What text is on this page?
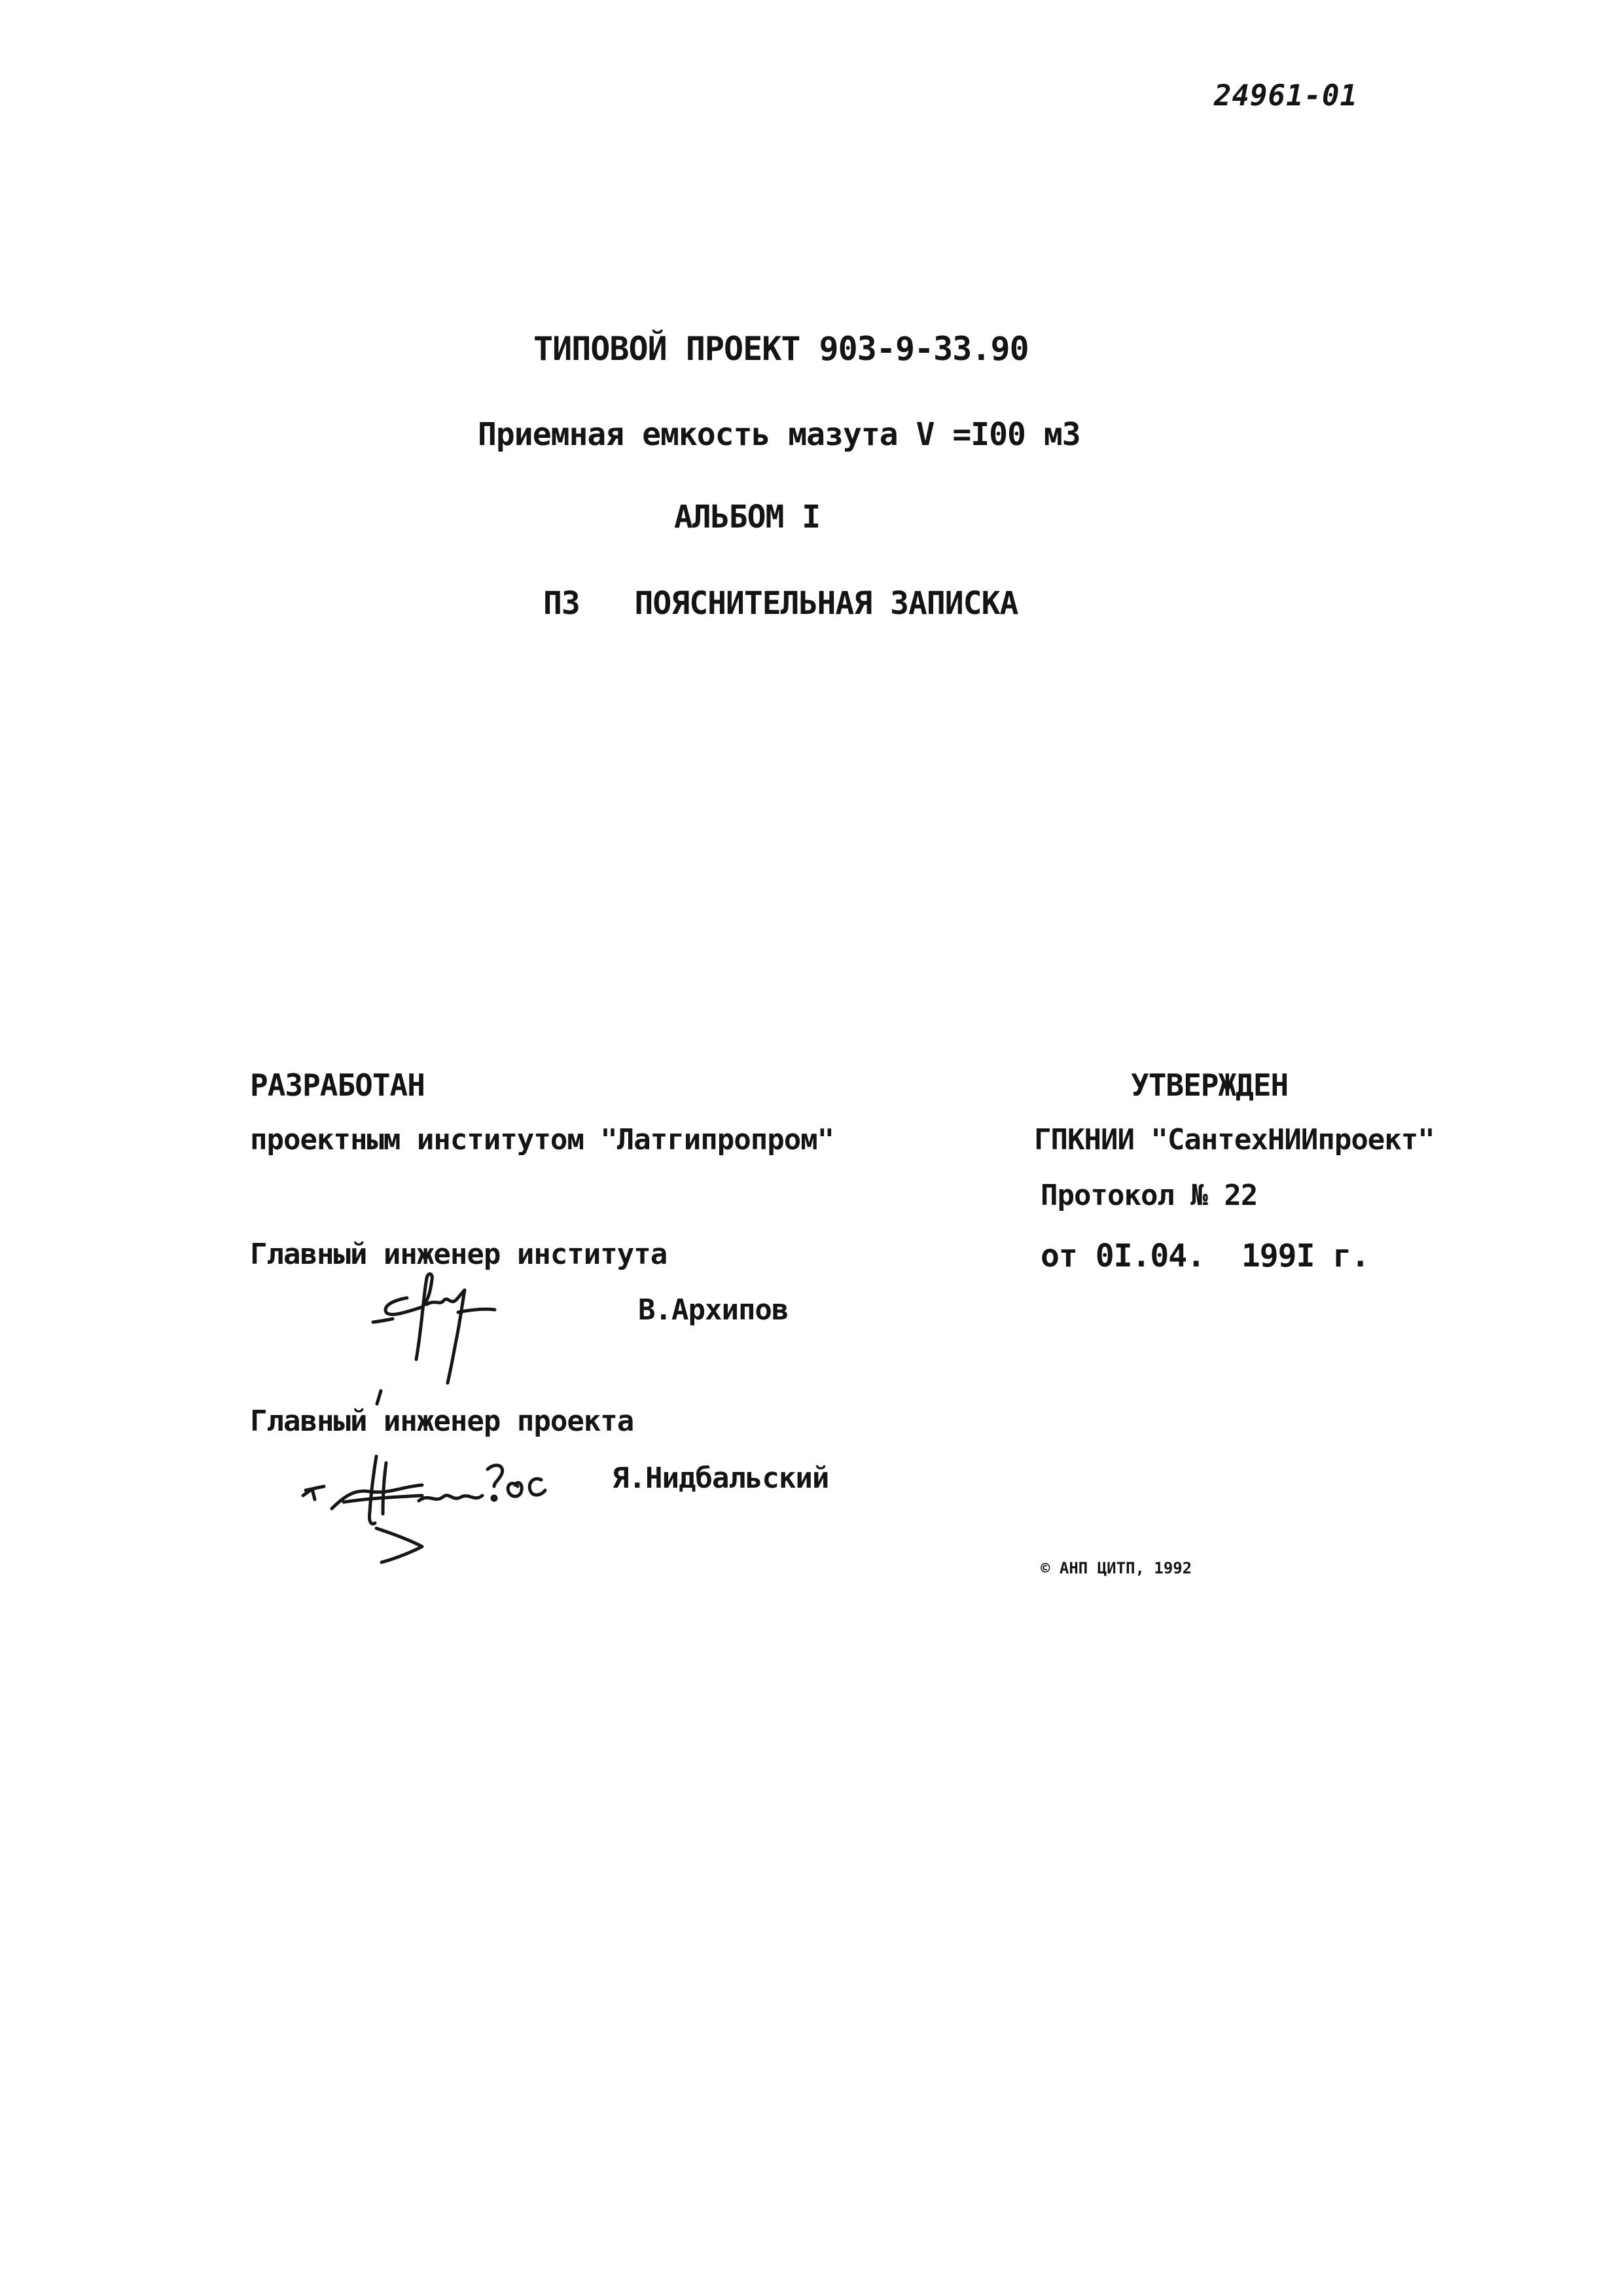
24961-01
ТИПОВОЙ ПРОЕКТ 903-9-33.90
Приемная емкость мазута V =I00 м3
АЛЬБОМ I
ПЗ   ПОЯСНИТЕЛЬНАЯ ЗАПИСКА
РАЗРАБОТАН
проектным институтом "Латгипропром"
Главный инженер института
В.Архипов
Главный инженер проекта
Я.Нидбальский
УТВЕРЖДЕН
ГПКНИИ "СантехНИИпроект"
Протокол № 22
от 0I.04.  199I г.
© АНП ЦИТП, 1992
